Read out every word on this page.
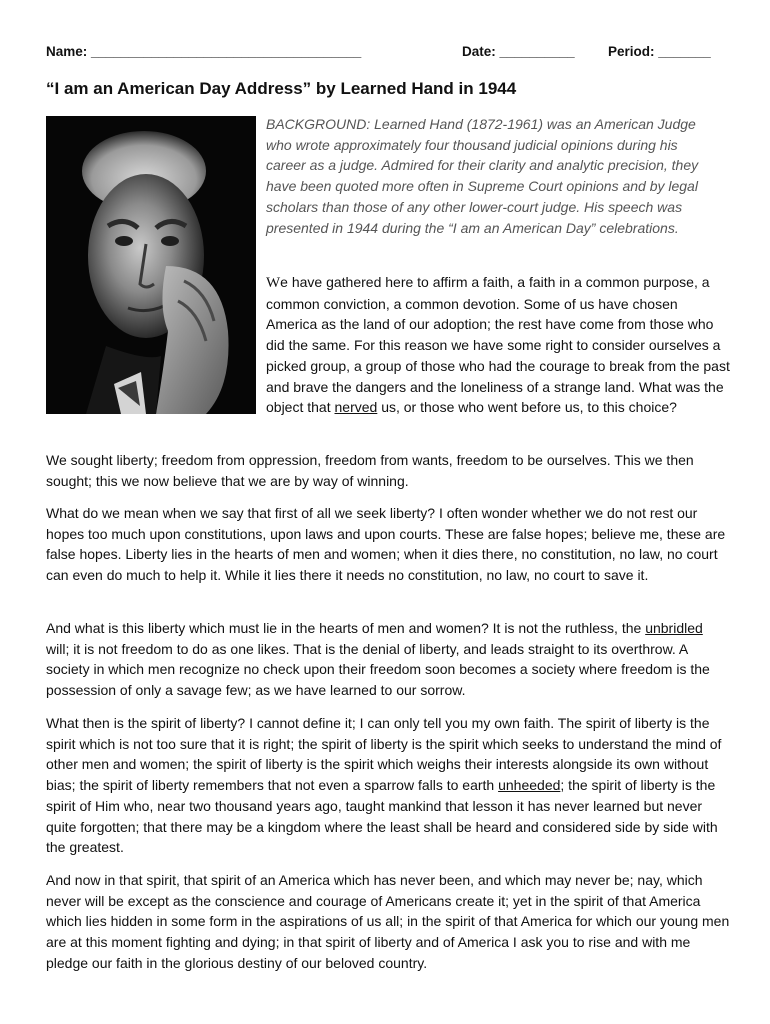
Name: ____________________________________	Date: __________ Period: _______
“I am an American Day Address” by Learned Hand in 1944

BACKGROUND: Learned Hand (1872-1961) was an American Judge who wrote approximately four thousand judicial opinions during his career as a judge. Admired for their clarity and analytic precision, they have been quoted more often in Supreme Court opinions and by legal scholars than those of any other lower-court judge. His speech was presented in 1944 during the “I am an American Day” celebrations.

We have gathered here to affirm a faith, a faith in a common purpose, a common conviction, a common devotion. Some of us have chosen America as the land of our adoption; the rest have come from those who did the same. For this reason we have some right to consider ourselves a picked group, a group of those who had the courage to break from the past and brave the dangers and the loneliness of a strange land. What was the object that nerved us, or those who went before us, to this choice?

We sought liberty; freedom from oppression, freedom from wants, freedom to be ourselves. This we then sought; this we now believe that we are by way of winning.

What do we mean when we say that first of all we seek liberty? I often wonder whether we do not rest our hopes too much upon constitutions, upon laws and upon courts. These are false hopes; believe me, these are false hopes. Liberty lies in the hearts of men and women; when it dies there, no constitution, no law, no court can even do much to help it. While it lies there it needs no constitution, no law, no court to save it.

And what is this liberty which must lie in the hearts of men and women? It is not the ruthless, the unbridled will; it is not freedom to do as one likes. That is the denial of liberty, and leads straight to its overthrow. A society in which men recognize no check upon their freedom soon becomes a society where freedom is the possession of only a savage few; as we have learned to our sorrow.

What then is the spirit of liberty? I cannot define it; I can only tell you my own faith. The spirit of liberty is the spirit which is not too sure that it is right; the spirit of liberty is the spirit which seeks to understand the mind of other men and women; the spirit of liberty is the spirit which weighs their interests alongside its own without bias; the spirit of liberty remembers that not even a sparrow falls to earth unheeded; the spirit of liberty is the spirit of Him who, near two thousand years ago, taught mankind that lesson it has never learned but never quite forgotten; that there may be a kingdom where the least shall be heard and considered side by side with the greatest.

And now in that spirit, that spirit of an America which has never been, and which may never be; nay, which never will be except as the conscience and courage of Americans create it; yet in the spirit of that America which lies hidden in some form in the aspirations of us all; in the spirit of that America for which our young men are at this moment fighting and dying; in that spirit of liberty and of America I ask you to rise and with me pledge our faith in the glorious destiny of our beloved country.
